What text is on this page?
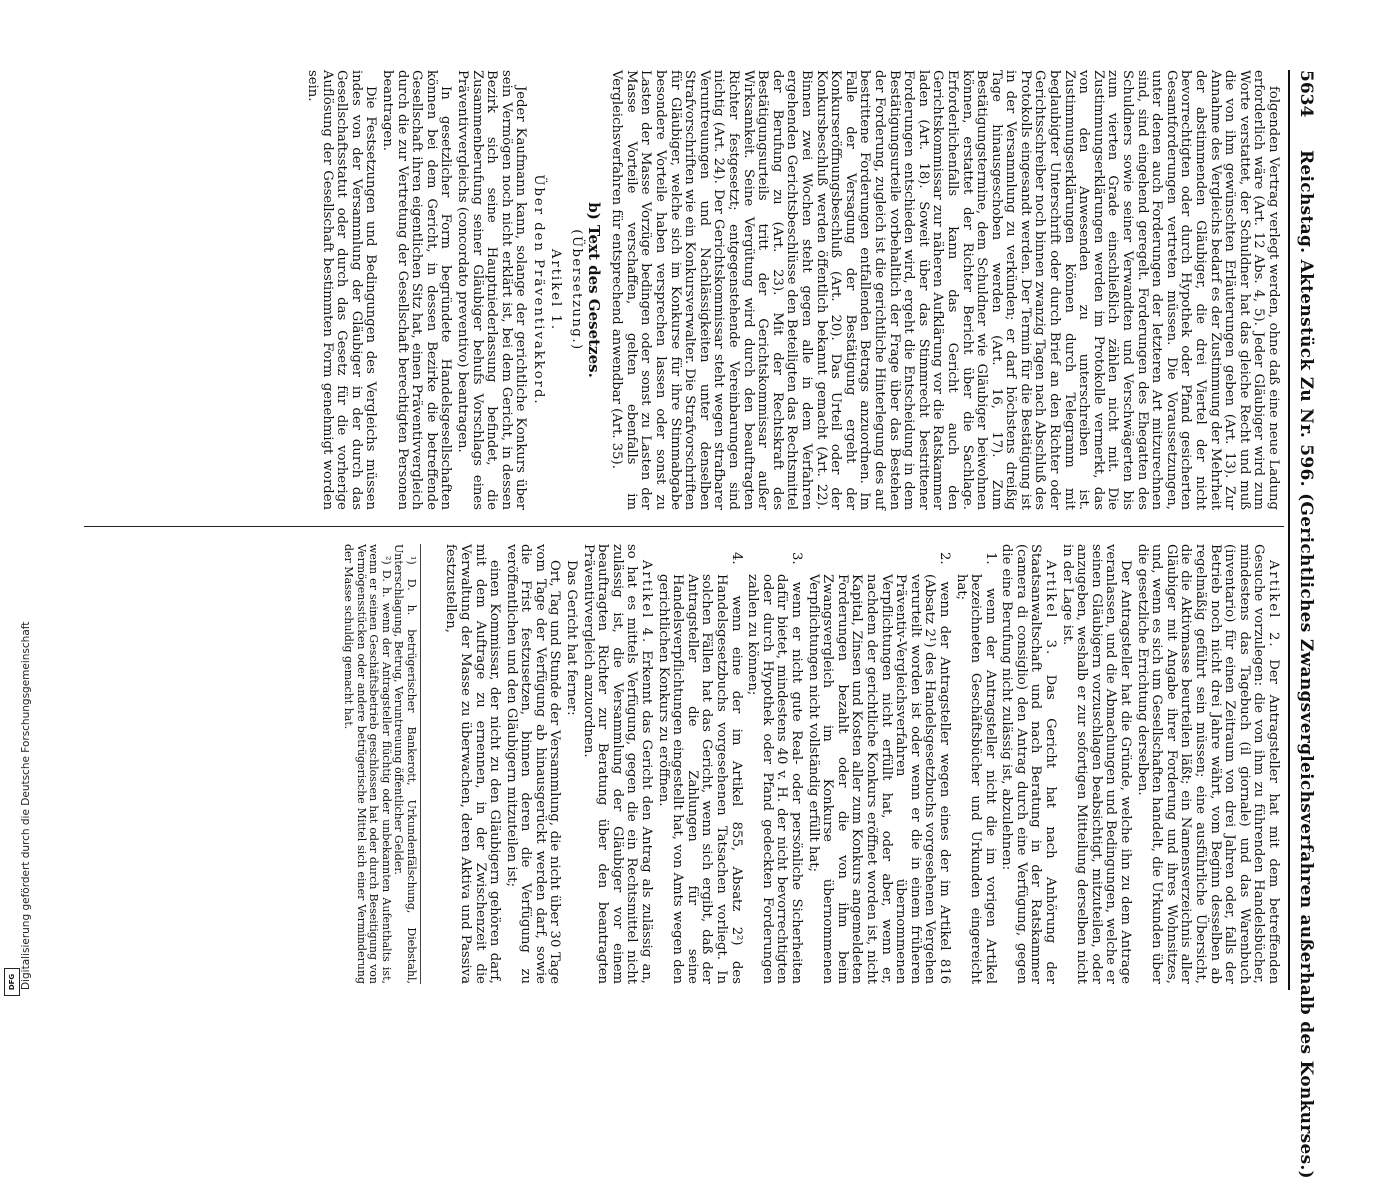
5634
Reichstag. Aktenstück Zu Nr. 596. (Gerichtliches Zwangsvergleichsverfahren außerhalb des Konkurses.)

folgenden Vertrag verlegt werden, ohne daß eine neue Ladung erforderlich wäre (Art. 12 Abs. 4, 5). Jeder Gläubiger wird zum Worte verstattet, der Schuldner hat das gleiche Recht und muß die von ihm gewünschten Erläuterungen geben (Art. 13). Zur Annahme des Vergleichs bedarf es der Zustimmung der Mehrheit der abstimmenden Gläubiger, die drei Viertel der nicht bevorrechtigten oder durch Hypothek oder Pfand gesicherten Gesamtforderungen vertreten müssen. Die Voraussetzungen, unter denen auch Forderungen der letzteren Art mitzurechnen sind, sind eingehend geregelt. Forderungen des Ehegatten des Schuldners sowie seiner Verwandten und Verschwägerten bis zum vierten Grade einschließlich zählen nicht mit. Die Zustimmungserklärungen werden im Protokolle vermerkt, das von den Anwesenden zu unterschreiben ist. Zustimmungserklärungen können durch Telegramm mit beglaubigter Unterschrift oder durch Brief an den Richter oder Gerichtsschreiber noch binnen zwanzig Tagen nach Abschluß des Protokolls eingesandt werden. Der Termin für die Bestätigung ist in der Versammlung zu verkünden; er darf höchstens dreißig Tage hinausgeschoben werden (Art. 16, 17). Zum Bestätigungstermine, dem Schuldner wie Gläubiger beiwohnen können, erstattet der Richter Bericht über die Sachlage. Erforderlichenfalls kann das Gericht auch den Gerichtskommissar zur näheren Aufklärung vor die Ratskammer laden (Art. 18). Soweit über das Stimmrecht bestrittener Forderungen entschieden wird, ergeht die Entscheidung in dem Bestätigungsurteile vorbehaltlich der Frage über das Bestehen der Forderung, zugleich ist die gerichtliche Hinterlegung des auf bestrittene Forderungen entfallenden Betrags anzuordnen. Im Falle der Versagung der Bestätigung ergeht der Konkurseröffnungsbeschluß (Art. 20). Das Urteil oder der Konkursbeschluß werden öffentlich bekannt gemacht (Art. 22). Binnen zwei Wochen steht gegen alle in dem Verfahren ergehenden Gerichtsbeschlüsse den Beteiligten das Rechtsmittel der Berufung zu (Art. 23). Mit der Rechtskraft des Bestätigungsurteils tritt der Gerichtskommissar außer Wirksamkeit. Seine Vergütung wird durch den beauftragten Richter festgesetzt; entgegenstehende Vereinbarungen sind nichtig (Art. 24). Der Gerichtskommissar steht wegen strafbarer Veruntreuungen und Nachlässigkeiten unter denselben Strafvorschriften wie ein Konkursverwalter. Die Strafvorschriften für Gläubiger, welche sich im Konkurse für ihre Stimmabgabe besondere Vorteile haben versprechen lassen oder sonst zu Lasten der Masse Vorzüge bedingen oder sonst zu Lasten der Masse Vorteile verschaffen, gelten ebenfalls im Vergleichsverfahren für entsprechend anwendbar (Art. 35).

b) Text des Gesetzes.

(Übersetzung.)

Artikel 1.

Über den Präventivakkord.

Jeder Kaufmann kann, solange der gerichtliche Konkurs über sein Vermögen noch nicht erklärt ist, bei dem Gericht, in dessen Bezirk sich seine Hauptniederlassung befindet, die Zusammenberufung seiner Gläubiger behufs Vorschlags eines Präventivvergleichs (concordato preventivo) beantragen.

In gesetzlicher Form begründete Handelsgesellschaften können bei dem Gericht, in dessen Bezirke die betreffende Gesellschaft ihren eigentlichen Sitz hat, einen Präventivvergleich durch die zur Vertretung der Gesellschaft berechtigten Personen beantragen.

Die Festsetzungen und Bedingungen des Vergleichs müssen indes von der Versammlung der Gläubiger in der durch das Gesellschaftsstatut oder durch das Gesetz für die vorherige Auflösung der Gesellschaft bestimmten Form genehmigt worden sein.

Artikel 2. Der Antragsteller hat mit dem betreffenden Gesuche vorzulegen: die von ihm zu führenden Handelsbücher, mindestens das Tagebuch (il giornale) und das Warenbuch (inventario) für einen Zeitraum von drei Jahren oder, falls der Betrieb noch nicht drei Jahre währt, vom Beginn desselben ab regelmäßig geführt sein müssen; eine ausführliche Übersicht, die die Aktivmasse beurteilen läßt; ein Namensverzeichnis aller Gläubiger mit Angabe ihrer Forderung und ihres Wohnsitzes, und, wenn es sich um Gesellschaften handelt, die Urkunden über die gesetzliche Errichtung derselben.

Der Antragsteller hat die Gründe, welche ihn zu dem Antrage veranlassen, und die Abmachungen und Bedingungen, welche er seinen Gläubigern vorzuschlagen beabsichtigt, mitzuteilen, oder anzugeben, weshalb er zur sofortigen Mitteilung derselben nicht in der Lage ist.

Artikel 3. Das Gericht hat nach Anhörung der Staatsanwaltschaft und nach Beratung in der Ratskammer (camera di consiglio) den Antrag durch eine Verfügung, gegen die eine Berufung nicht zulässig ist, abzulehnen:

1.  wenn der Antragsteller nicht die im vorigen Artikel bezeichneten Geschäftsbücher und Urkunden eingereicht hat;

2.  wenn der Antragsteller wegen eines der im Artikel 816 (Absatz 2¹) des Handelsgesetzbuchs vorgesehenen Vergehen verurteilt worden ist oder wenn er die in einem früheren Präventiv-Vergleichsverfahren übernommenen Verpflichtungen nicht erfüllt hat, oder aber, wenn er, nachdem der gerichtliche Konkurs eröffnet worden ist, nicht Kapital, Zinsen und Kosten aller zum Konkurs angemeldeten Forderungen bezahlt oder die von ihm beim Zwangsvergleich im Konkurse übernommenen Verpflichtungen nicht vollständig erfüllt hat;

3.  wenn er nicht gute Real- oder persönliche Sicherheiten dafür bietet, mindestens 40 v. H. der nicht bevorrechtigten oder durch Hypothek oder Pfand gedeckten Forderungen zahlen zu können;

4.  wenn eine der im Artikel 855, Absatz 2²) des Handelsgesetzbuchs vorgesehenen Tatsachen vorliegt. In solchen Fällen hat das Gericht, wenn sich ergibt, daß der Antragsteller die Zahlungen für seine Handelsverpflichtungen eingestellt hat, von Amts wegen den gerichtlichen Konkurs zu eröffnen.

Artikel 4. Erkennt das Gericht den Antrag als zulässig an, so hat es mittels Verfügung, gegen die ein Rechtsmittel nicht zulässig ist, die Versammlung der Gläubiger vor einem beauftragten Richter zur Beratung über den beantragten Präventivvergleich anzuordnen.

Das Gericht hat ferner:

Ort, Tag und Stunde der Versammlung, die nicht über 30 Tage vom Tage der Verfügung ab hinausgerückt werden darf, sowie die Frist festzusetzen, binnen deren die Verfügung zu veröffentlichen und den Gläubigern mitzuteilen ist;

einen Kommissar, der nicht zu den Gläubigern gehören darf, mit dem Auftrage zu ernennen, in der Zwischenzeit die Verwaltung der Masse zu überwachen, deren Aktiva und Passiva festzustellen,

¹) D. h. betrügerischer Bankerott, Urkundenfälschung, Diebstahl, Unterschlagung, Betrug, Veruntreuung öffentlicher Gelder.

²) D. h. wenn der Antragsteller flüchtig oder unbekannten Aufenthalts ist, wenn er seinen Geschäftsbetrieb geschlossen hat oder durch Beseitigung von Vermögensstücken oder andere betrügerische Mittel sich einer Verminderung der Masse schuldig gemacht hat.

Digitalisierung gefördert durch die Deutsche Forschungsgemeinschaft
DFG
